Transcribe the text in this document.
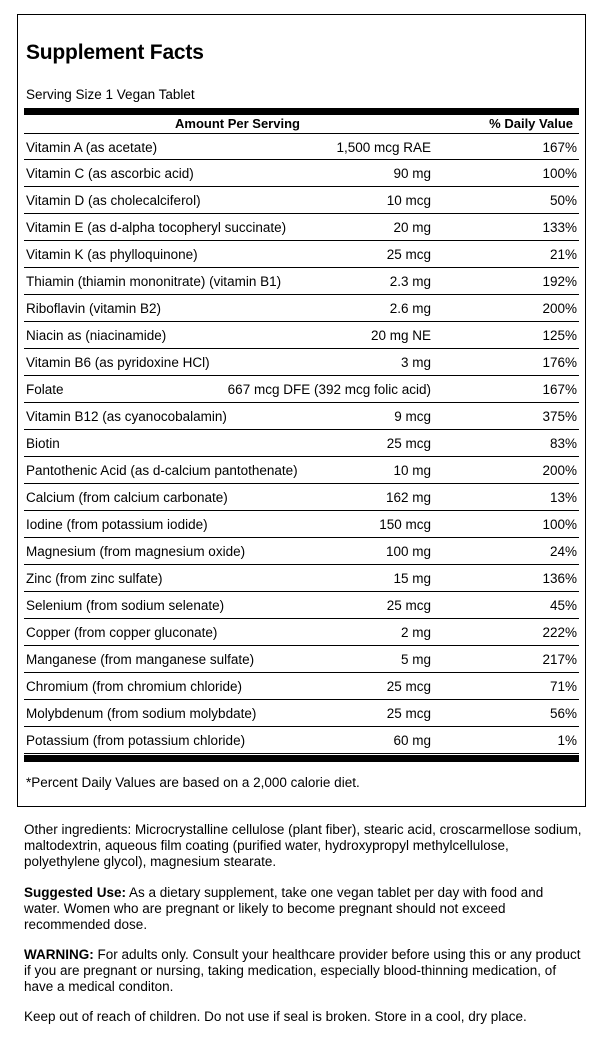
Supplement Facts
Serving Size 1 Vegan Tablet
Amount Per Serving	% Daily Value
Vitamin A (as acetate)	1,500 mcg RAE	167%
Vitamin C (as ascorbic acid)	90 mg	100%
Vitamin D (as cholecalciferol)	10 mcg	50%
Vitamin E (as d-alpha tocopheryl succinate)	20 mg	133%
Vitamin K (as phylloquinone)	25 mcg	21%
Thiamin (thiamin mononitrate) (vitamin B1)	2.3 mg	192%
Riboflavin (vitamin B2)	2.6 mg	200%
Niacin as (niacinamide)	20 mg NE	125%
Vitamin B6 (as pyridoxine HCl)	3 mg	176%
Folate	667 mcg DFE (392 mcg folic acid)	167%
Vitamin B12 (as cyanocobalamin)	9 mcg	375%
Biotin	25 mcg	83%
Pantothenic Acid (as d-calcium pantothenate)	10 mg	200%
Calcium (from calcium carbonate)	162 mg	13%
Iodine (from potassium iodide)	150 mcg	100%
Magnesium (from magnesium oxide)	100 mg	24%
Zinc (from zinc sulfate)	15 mg	136%
Selenium (from sodium selenate)	25 mcg	45%
Copper (from copper gluconate)	2 mg	222%
Manganese (from manganese sulfate)	5 mg	217%
Chromium (from chromium chloride)	25 mcg	71%
Molybdenum (from sodium molybdate)	25 mcg	56%
Potassium (from potassium chloride)	60 mg	1%
*Percent Daily Values are based on a 2,000 calorie diet.
Other ingredients: Microcrystalline cellulose (plant fiber), stearic acid, croscarmellose sodium, maltodextrin, aqueous film coating (purified water, hydroxypropyl methylcellulose, polyethylene glycol), magnesium stearate.
Suggested Use: As a dietary supplement, take one vegan tablet per day with food and water. Women who are pregnant or likely to become pregnant should not exceed recommended dose.
WARNING: For adults only. Consult your healthcare provider before using this or any product if you are pregnant or nursing, taking medication, especially blood-thinning medication, of have a medical conditon.
Keep out of reach of children. Do not use if seal is broken. Store in a cool, dry place.
